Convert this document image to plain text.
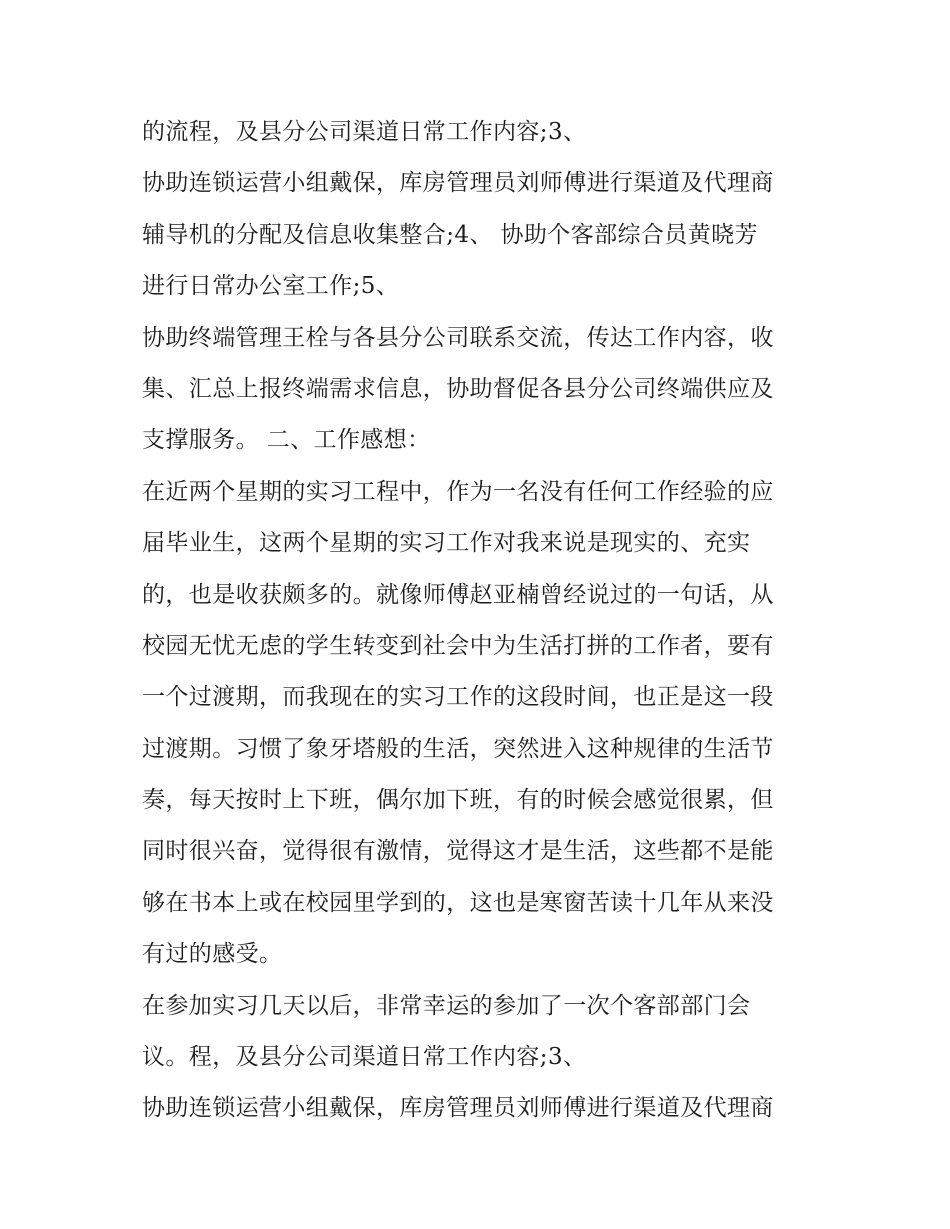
的流程，及县分公司渠道日常工作内容;3、
协助连锁运营小组戴保，库房管理员刘师傅进行渠道及代理商
辅导机的分配及信息收集整合;4、 协助个客部综合员黄晓芳
进行日常办公室工作;5、
协助终端管理王栓与各县分公司联系交流，传达工作内容，收
集、汇总上报终端需求信息，协助督促各县分公司终端供应及
支撑服务。 二、工作感想：
在近两个星期的实习工程中，作为一名没有任何工作经验的应
届毕业生，这两个星期的实习工作对我来说是现实的、充实
的，也是收获颇多的。就像师傅赵亚楠曾经说过的一句话，从
校园无忧无虑的学生转变到社会中为生活打拼的工作者，要有
一个过渡期，而我现在的实习工作的这段时间，也正是这一段
过渡期。习惯了象牙塔般的生活，突然进入这种规律的生活节
奏，每天按时上下班，偶尔加下班，有的时候会感觉很累，但
同时很兴奋，觉得很有激情，觉得这才是生活，这些都不是能
够在书本上或在校园里学到的，这也是寒窗苦读十几年从来没
有过的感受。
在参加实习几天以后，非常幸运的参加了一次个客部部门会
议。程，及县分公司渠道日常工作内容;3、
协助连锁运营小组戴保，库房管理员刘师傅进行渠道及代理商
